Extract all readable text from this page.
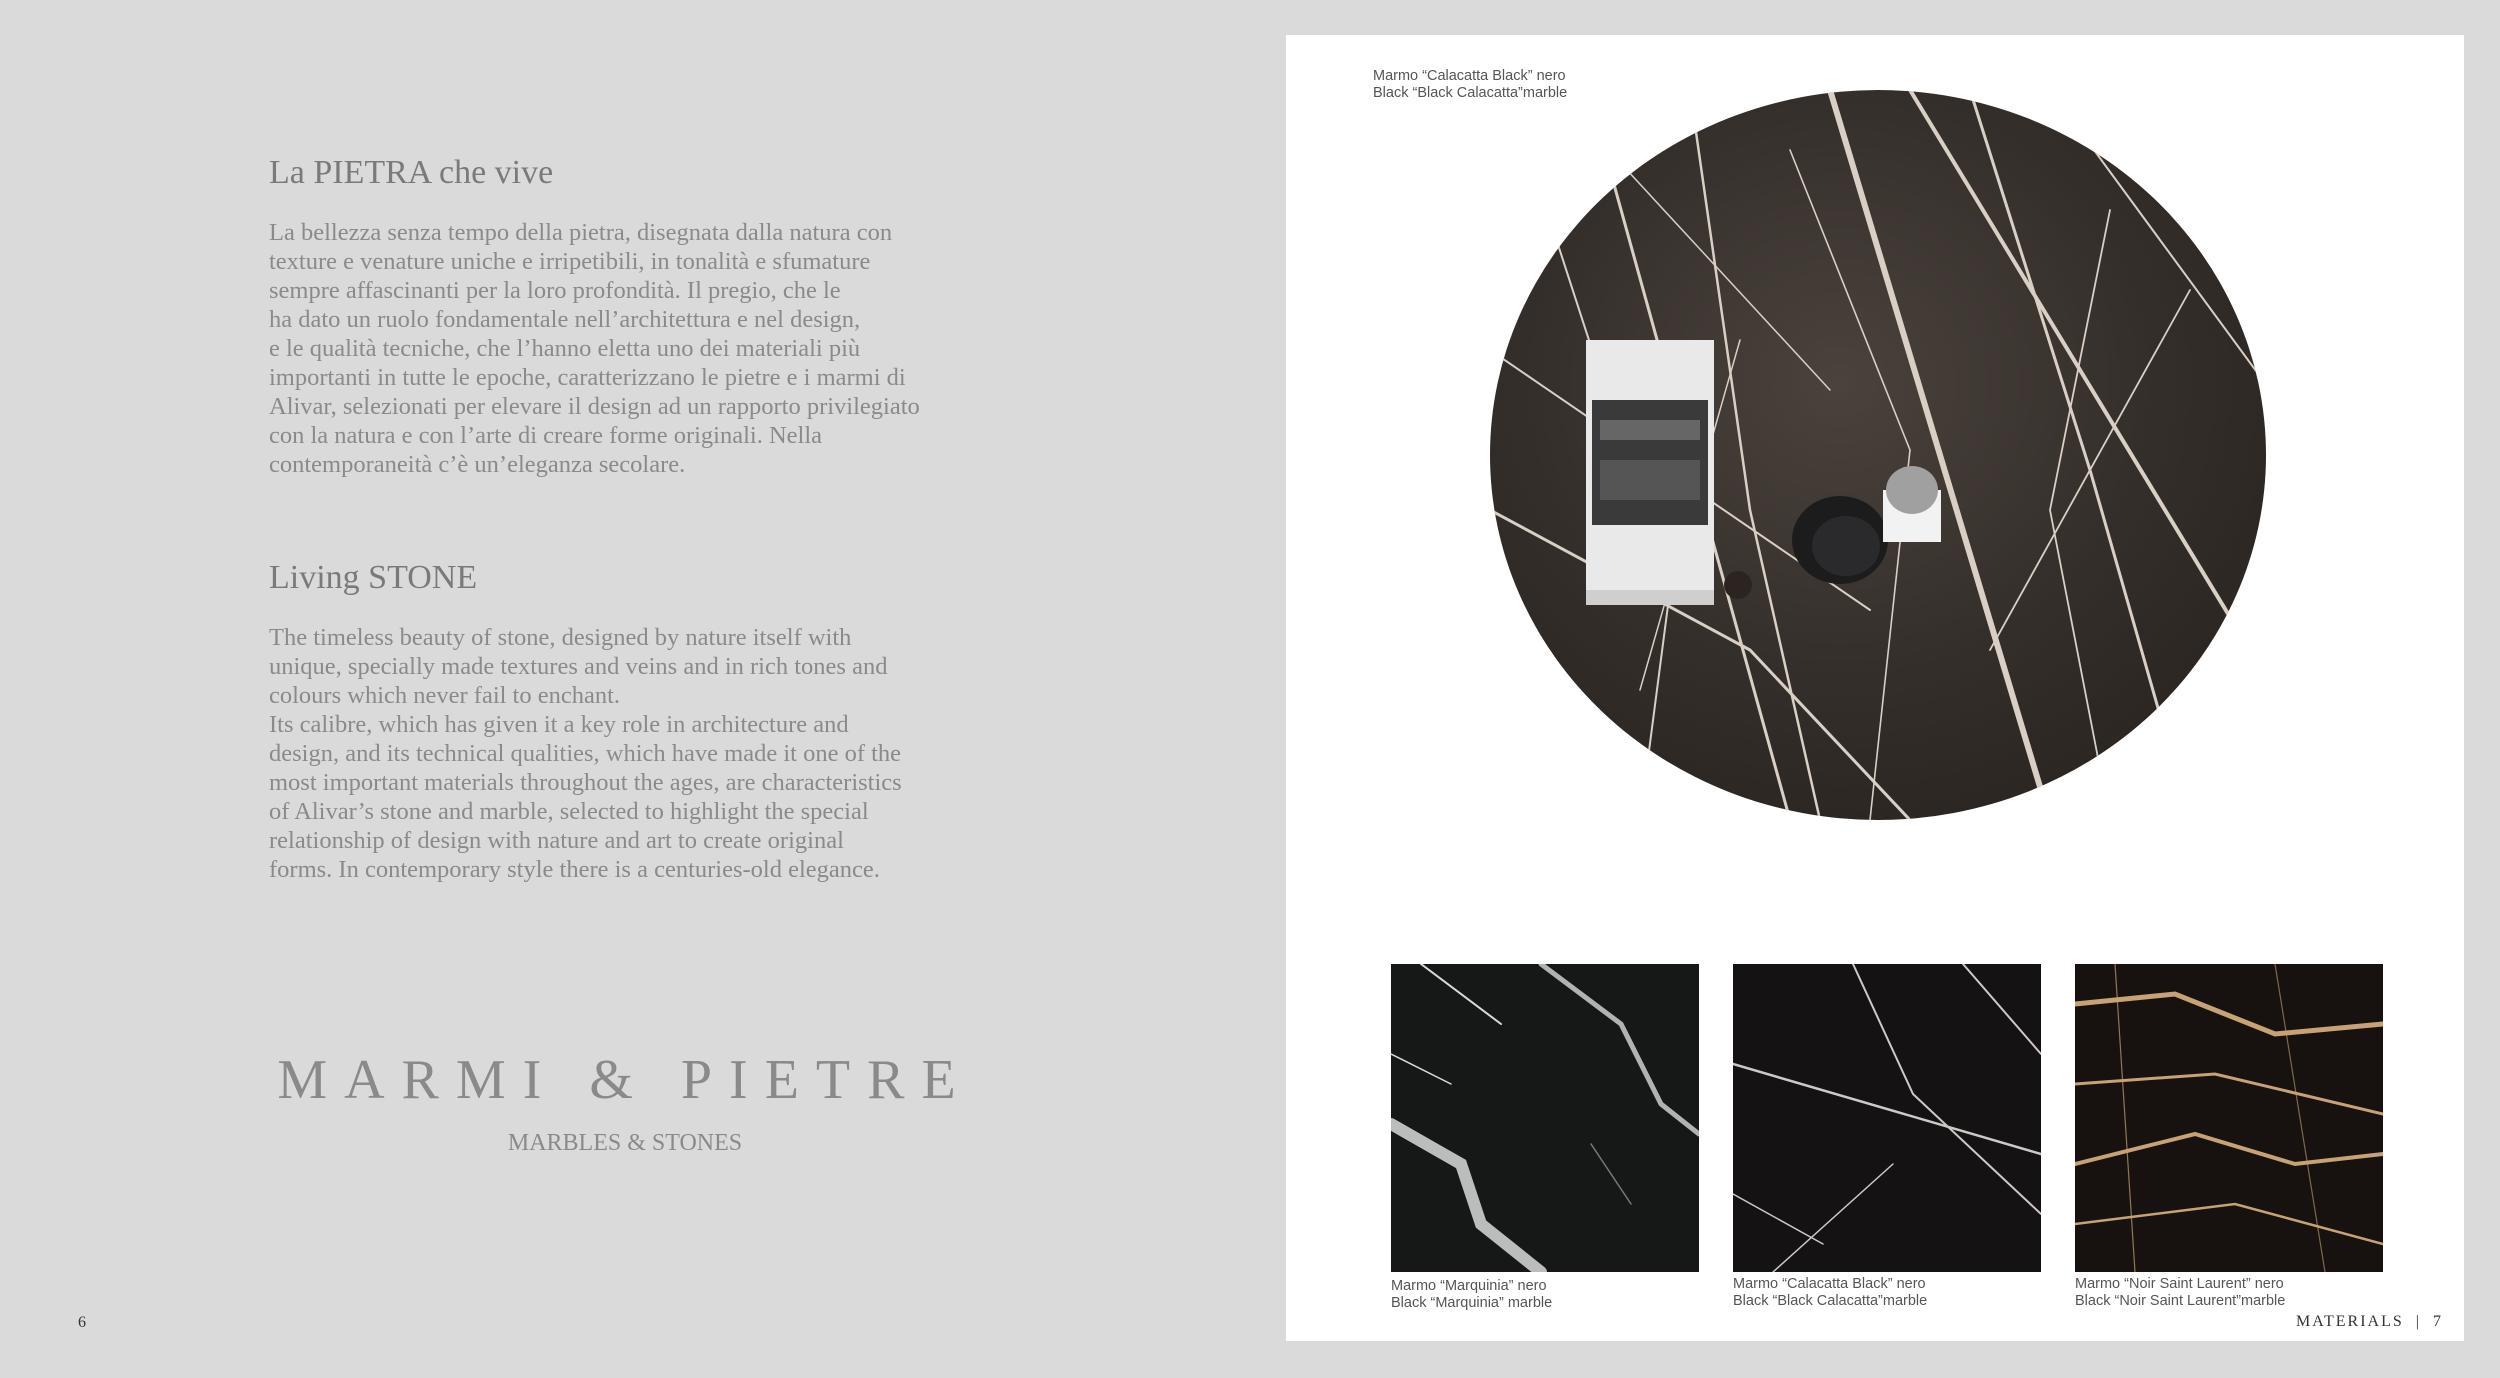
La PIETRA che vive

La bellezza senza tempo della pietra, disegnata dalla natura con
texture e venature uniche e irripetibili, in tonalità e sfumature
sempre affascinanti per la loro profondità. Il pregio, che le
ha dato un ruolo fondamentale nell’architettura e nel design,
e le qualità tecniche, che l’hanno eletta uno dei materiali più
importanti in tutte le epoche, caratterizzano le pietre e i marmi di
Alivar, selezionati per elevare il design ad un rapporto privilegiato
con la natura e con l’arte di creare forme originali. Nella
contemporaneità c’è un’eleganza secolare.

Living STONE

The timeless beauty of stone, designed by nature itself with
unique, specially made textures and veins and in rich tones and
colours which never fail to enchant.
Its calibre, which has given it a key role in architecture and
design, and its technical qualities, which have made it one of the
most important materials throughout the ages, are characteristics
of Alivar’s stone and marble, selected to highlight the special
relationship of design with nature and art to create original
forms. In contemporary style there is a centuries-old elegance.

MARMI & PIETRE

MARBLES & STONES

6

Marmo “Calacatta Black” nero
Black “Black Calacatta”marble

Marmo “Marquinia” nero
Black “Marquinia” marble

Marmo “Calacatta Black” nero
Black “Black Calacatta”marble

Marmo “Noir Saint Laurent” nero
Black “Noir Saint Laurent”marble

MATERIALS | 7
